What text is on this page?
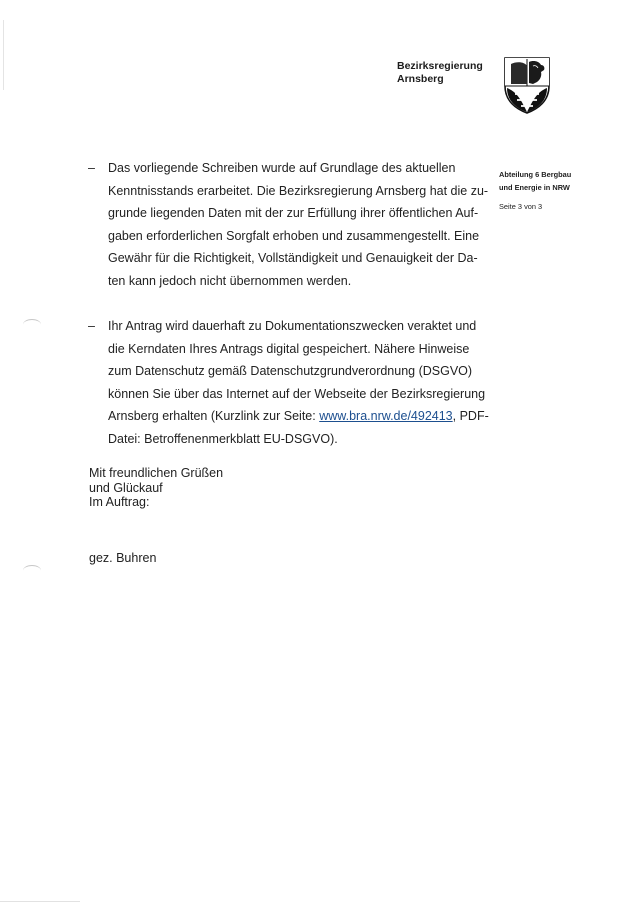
Bezirksregierung
Arnsberg
Abteilung 6 Bergbau
und Energie in NRW
Seite 3 von 3
– Das vorliegende Schreiben wurde auf Grundlage des aktuellen
Kenntnisstands erarbeitet. Die Bezirksregierung Arnsberg hat die zu-
grunde liegenden Daten mit der zur Erfüllung ihrer öffentlichen Auf-
gaben erforderlichen Sorgfalt erhoben und zusammengestellt. Eine
Gewähr für die Richtigkeit, Vollständigkeit und Genauigkeit der Da-
ten kann jedoch nicht übernommen werden.
– Ihr Antrag wird dauerhaft zu Dokumentationszwecken veraktet und
die Kerndaten Ihres Antrags digital gespeichert. Nähere Hinweise
zum Datenschutz gemäß Datenschutzgrundverordnung (DSGVO)
können Sie über das Internet auf der Webseite der Bezirksregierung
Arnsberg erhalten (Kurzlink zur Seite: www.bra.nrw.de/492413, PDF-
Datei: Betroffenenmerkblatt EU-DSGVO).
Mit freundlichen Grüßen
und Glückauf
Im Auftrag:
gez. Buhren
